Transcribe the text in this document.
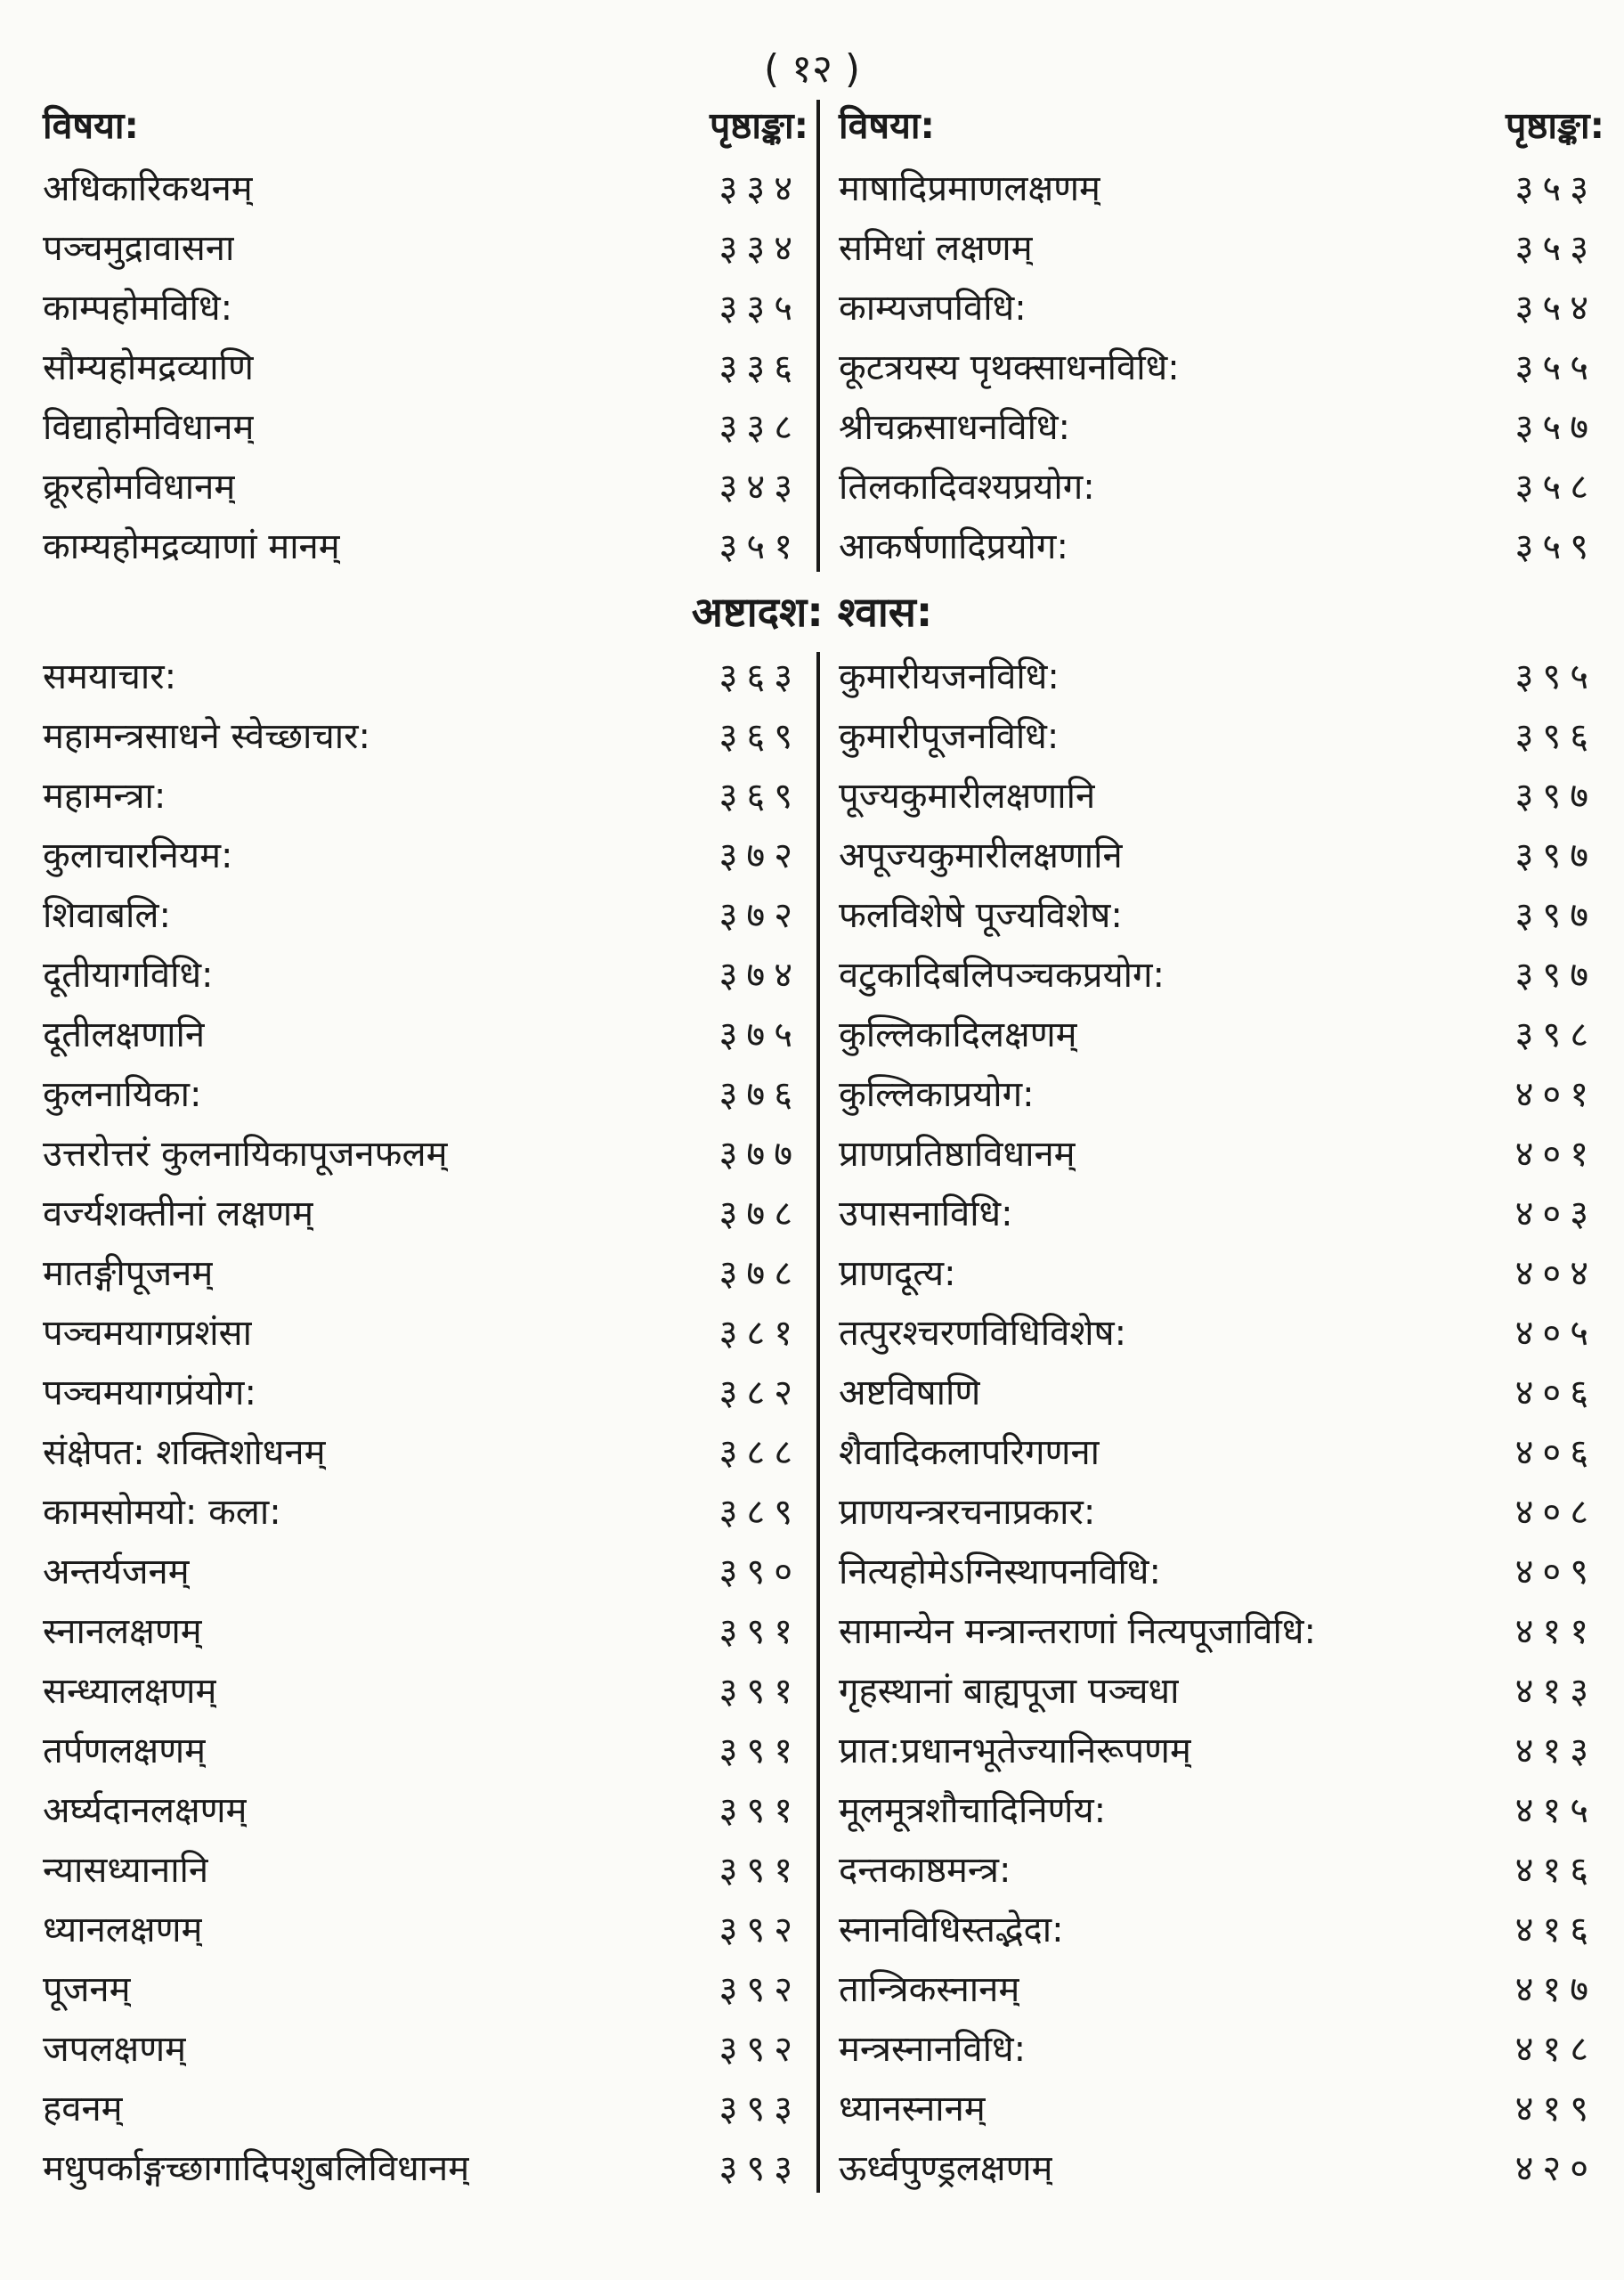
( १२ )
विषया:	पृष्ठाङ्का:
अधिकारिकथनम्	३३४
पञ्चमुद्रावासना	३३४
काम्पहोमविधि:	३३५
सौम्यहोमद्रव्याणि	३३६
विद्याहोमविधानम्	३३८
क्रूरहोमविधानम्	३४३
काम्यहोमद्रव्याणां मानम्	३५१
विषया:	पृष्ठाङ्का:
माषादिप्रमाणलक्षणम्	३५३
समिधां लक्षणम्	३५३
काम्यजपविधि:	३५४
कूटत्रयस्य पृथक्साधनविधि:	३५५
श्रीचक्रसाधनविधि:	३५७
तिलकादिवश्यप्रयोग:	३५८
आकर्षणादिप्रयोग:	३५९
अष्टादश: श्वास:
समयाचार:	३६३
महामन्त्रसाधने स्वेच्छाचार:	३६९
महामन्त्रा:	३६९
कुलाचारनियम:	३७२
शिवाबलि:	३७२
दूतीयागविधि:	३७४
दूतीलक्षणानि	३७५
कुलनायिका:	३७६
उत्तरोत्तरं कुलनायिकापूजनफलम्	३७७
वर्ज्यशक्तीनां लक्षणम्	३७८
मातङ्गीपूजनम्	३७८
पञ्चमयागप्रशंसा	३८१
पञ्चमयागप्रंयोग:	३८२
संक्षेपत: शक्तिशोधनम्	३८८
कामसोमयो: कला:	३८९
अन्तर्यजनम्	३९०
स्नानलक्षणम्	३९१
सन्ध्यालक्षणम्	३९१
तर्पणलक्षणम्	३९१
अर्घ्यदानलक्षणम्	३९१
न्यासध्यानानि	३९१
ध्यानलक्षणम्	३९२
पूजनम्	३९२
जपलक्षणम्	३९२
हवनम्	३९३
मधुपर्काङ्गच्छागादिपशुबलिविधानम्	३९३
कुमारीयजनविधि:	३९५
कुमारीपूजनविधि:	३९६
पूज्यकुमारीलक्षणानि	३९७
अपूज्यकुमारीलक्षणानि	३९७
फलविशेषे पूज्यविशेष:	३९७
वटुकादिबलिपञ्चकप्रयोग:	३९७
कुल्लिकादिलक्षणम्	३९८
कुल्लिकाप्रयोग:	४०१
प्राणप्रतिष्ठाविधानम्	४०१
उपासनाविधि:	४०३
प्राणदूत्य:	४०४
तत्पुरश्चरणविधिविशेष:	४०५
अष्टविषाणि	४०६
शैवादिकलापरिगणना	४०६
प्राणयन्त्ररचनाप्रकार:	४०८
नित्यहोमेऽग्निस्थापनविधि:	४०९
सामान्येन मन्त्रान्तराणां नित्यपूजाविधि:	४११
गृहस्थानां बाह्यपूजा पञ्चधा	४१३
प्रात:प्रधानभूतेज्यानिरूपणम्	४१३
मूलमूत्रशौचादिनिर्णय:	४१५
दन्तकाष्ठमन्त्र:	४१६
स्नानविधिस्तद्भेदा:	४१६
तान्त्रिकस्नानम्	४१७
मन्त्रस्नानविधि:	४१८
ध्यानस्नानम्	४१९
ऊर्ध्वपुण्ड्रलक्षणम्	४२०
